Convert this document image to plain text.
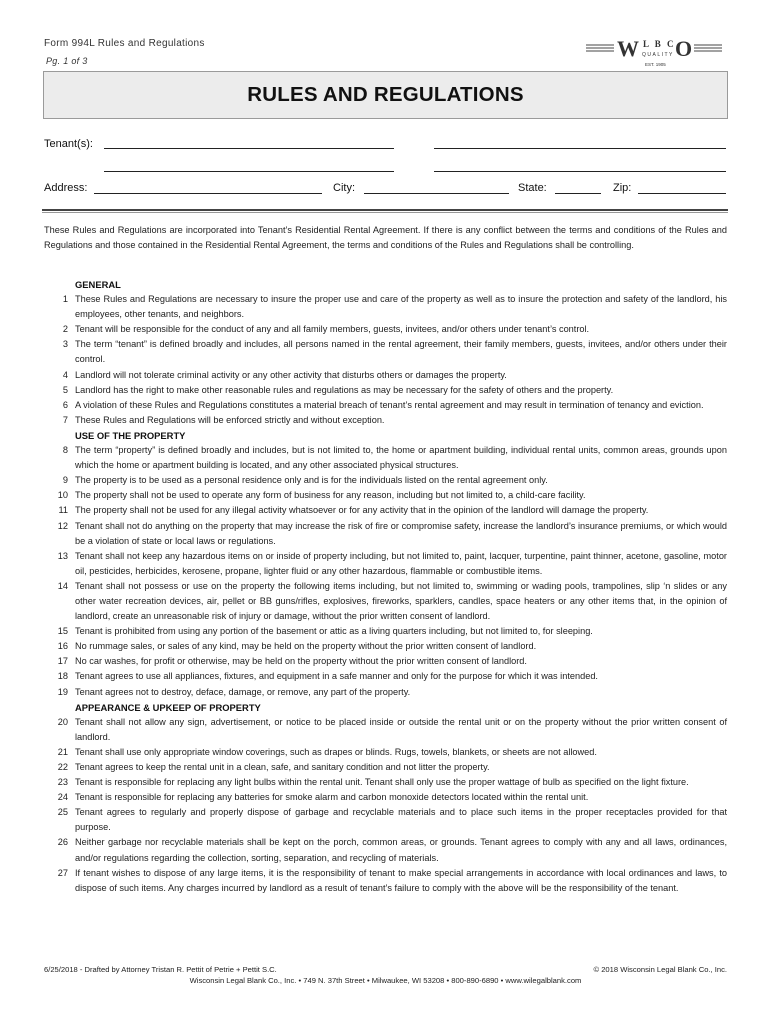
Form 994L Rules and Regulations
Pg. 1 of 3	W L B C
QUALITY O
EST. 1905
RULES AND REGULATIONS
Tenant(s):
Address:	City:	State:	Zip:
These Rules and Regulations are incorporated into Tenant’s Residential Rental Agreement. If there is any conflict between the terms and conditions of the Rules and Regulations and those contained in the Residential Rental Agreement, the terms and conditions of the Rules and Regulations shall be controlling.
GENERAL
1 These Rules and Regulations are necessary to insure the proper use and care of the property as well as to insure the protection and safety of the landlord, his employees, other tenants, and neighbors.
2 Tenant will be responsible for the conduct of any and all family members, guests, invitees, and/or others under tenant’s control.
3 The term “tenant” is defined broadly and includes, all persons named in the rental agreement, their family members, guests, invitees, and/or others under their control.
4 Landlord will not tolerate criminal activity or any other activity that disturbs others or damages the property.
5 Landlord has the right to make other reasonable rules and regulations as may be necessary for the safety of others and the property.
6 A violation of these Rules and Regulations constitutes a material breach of tenant’s rental agreement and may result in termination of tenancy and eviction.
7 These Rules and Regulations will be enforced strictly and without exception.
USE OF THE PROPERTY
8 The term “property” is defined broadly and includes, but is not limited to, the home or apartment building, individual rental units, common areas, grounds upon which the home or apartment building is located, and any other associated physical structures.
9 The property is to be used as a personal residence only and is for the individuals listed on the rental agreement only.
10 The property shall not be used to operate any form of business for any reason, including but not limited to, a child-care facility.
11 The property shall not be used for any illegal activity whatsoever or for any activity that in the opinion of the landlord will damage the property.
12 Tenant shall not do anything on the property that may increase the risk of fire or compromise safety, increase the landlord’s insurance premiums, or which would be a violation of state or local laws or regulations.
13 Tenant shall not keep any hazardous items on or inside of property including, but not limited to, paint, lacquer, turpentine, paint thinner, acetone, gasoline, motor oil, pesticides, herbicides, kerosene, propane, lighter fluid or any other hazardous, flammable or combustible items.
14 Tenant shall not possess or use on the property the following items including, but not limited to, swimming or wading pools, trampolines, slip ‘n slides or any other water recreation devices, air, pellet or BB guns/rifles, explosives, fireworks, sparklers, candles, space heaters or any other items that, in the opinion of landlord, create an unreasonable risk of injury or damage, without the prior written consent of landlord.
15 Tenant is prohibited from using any portion of the basement or attic as a living quarters including, but not limited to, for sleeping.
16 No rummage sales, or sales of any kind, may be held on the property without the prior written consent of landlord.
17 No car washes, for profit or otherwise, may be held on the property without the prior written consent of landlord.
18 Tenant agrees to use all appliances, fixtures, and equipment in a safe manner and only for the purpose for which it was intended.
19 Tenant agrees not to destroy, deface, damage, or remove, any part of the property.
APPEARANCE & UPKEEP OF PROPERTY
20 Tenant shall not allow any sign, advertisement, or notice to be placed inside or outside the rental unit or on the property without the prior written consent of landlord.
21 Tenant shall use only appropriate window coverings, such as drapes or blinds. Rugs, towels, blankets, or sheets are not allowed.
22 Tenant agrees to keep the rental unit in a clean, safe, and sanitary condition and not litter the property.
23 Tenant is responsible for replacing any light bulbs within the rental unit. Tenant shall only use the proper wattage of bulb as specified on the light fixture.
24 Tenant is responsible for replacing any batteries for smoke alarm and carbon monoxide detectors located within the rental unit.
25 Tenant agrees to regularly and properly dispose of garbage and recyclable materials and to place such items in the proper receptacles provided for that purpose.
26 Neither garbage nor recyclable materials shall be kept on the porch, common areas, or grounds. Tenant agrees to comply with any and all laws, ordinances, and/or regulations regarding the collection, sorting, separation, and recycling of materials.
27 If tenant wishes to dispose of any large items, it is the responsibility of tenant to make special arrangements in accordance with local ordinances and laws, to dispose of such items. Any charges incurred by landlord as a result of tenant’s failure to comply with the above will be the responsibility of the tenant.
6/25/2018 - Drafted by Attorney Tristan R. Pettit of Petrie + Pettit S.C.	© 2018 Wisconsin Legal Blank Co., Inc.
Wisconsin Legal Blank Co., Inc. • 749 N. 37th Street • Milwaukee, WI 53208 • 800-890-6890 • www.wilegalblank.com
